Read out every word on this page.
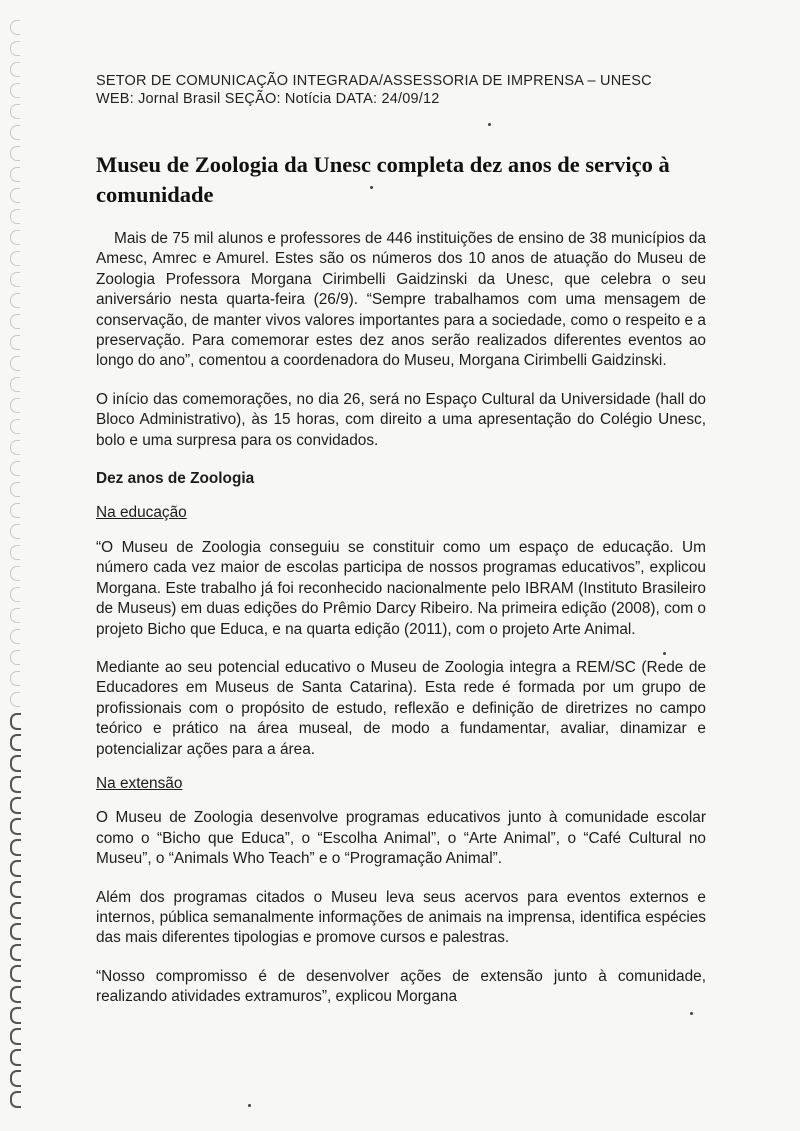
SETOR DE COMUNICAÇÃO INTEGRADA/ASSESSORIA DE IMPRENSA – UNESC
WEB: Jornal Brasil SEÇÃO: Notícia DATA: 24/09/12
Museu de Zoologia da Unesc completa dez anos de serviço à comunidade

Mais de 75 mil alunos e professores de 446 instituições de ensino de 38 municípios da Amesc, Amrec e Amurel. Estes são os números dos 10 anos de atuação do Museu de Zoologia Professora Morgana Cirimbelli Gaidzinski da Unesc, que celebra o seu aniversário nesta quarta-feira (26/9). “Sempre trabalhamos com uma mensagem de conservação, de manter vivos valores importantes para a sociedade, como o respeito e a preservação. Para comemorar estes dez anos serão realizados diferentes eventos ao longo do ano”, comentou a coordenadora do Museu, Morgana Cirimbelli Gaidzinski.

O início das comemorações, no dia 26, será no Espaço Cultural da Universidade (hall do Bloco Administrativo), às 15 horas, com direito a uma apresentação do Colégio Unesc, bolo e uma surpresa para os convidados.

Dez anos de Zoologia

Na educação

“O Museu de Zoologia conseguiu se constituir como um espaço de educação. Um número cada vez maior de escolas participa de nossos programas educativos”, explicou Morgana. Este trabalho já foi reconhecido nacionalmente pelo IBRAM (Instituto Brasileiro de Museus) em duas edições do Prêmio Darcy Ribeiro. Na primeira edição (2008), com o projeto Bicho que Educa, e na quarta edição (2011), com o projeto Arte Animal.

Mediante ao seu potencial educativo o Museu de Zoologia integra a REM/SC (Rede de Educadores em Museus de Santa Catarina). Esta rede é formada por um grupo de profissionais com o propósito de estudo, reflexão e definição de diretrizes no campo teórico e prático na área museal, de modo a fundamentar, avaliar, dinamizar e potencializar ações para a área.

Na extensão

O Museu de Zoologia desenvolve programas educativos junto à comunidade escolar como o “Bicho que Educa”, o “Escolha Animal”, o “Arte Animal”, o “Café Cultural no Museu”, o “Animals Who Teach” e o “Programação Animal”.

Além dos programas citados o Museu leva seus acervos para eventos externos e internos, pública semanalmente informações de animais na imprensa, identifica espécies das mais diferentes tipologias e promove cursos e palestras.

“Nosso compromisso é de desenvolver ações de extensão junto à comunidade, realizando atividades extramuros”, explicou Morgana
